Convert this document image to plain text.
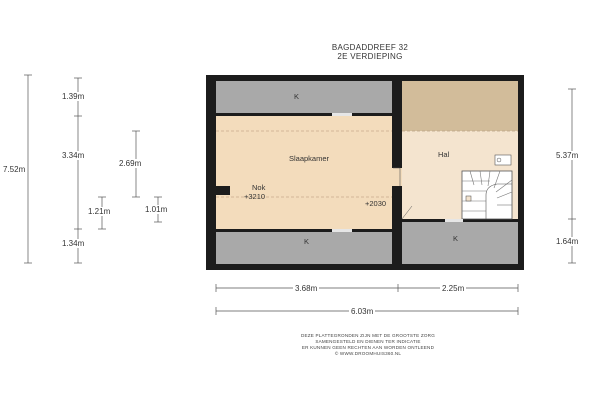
BAGDADDREEF 32
2E VERDIEPING
K
Slaapkamer
Nok
+3210
+2030
K
Hal
K
7.52m
1.39m
3.34m
1.34m
1.21m
2.69m
1.01m
5.37m
1.64m
3.68m	2.25m
6.03m
DEZE PLATTEGRONDEN ZIJN MET DE GROOTSTE ZORG
SAMENGESTELD EN DIENEN TER INDICATIE
ER KUNNEN GEEN RECHTEN AAN WORDEN ONTLEEND
© WWW.DROOMHUIS360.NL
